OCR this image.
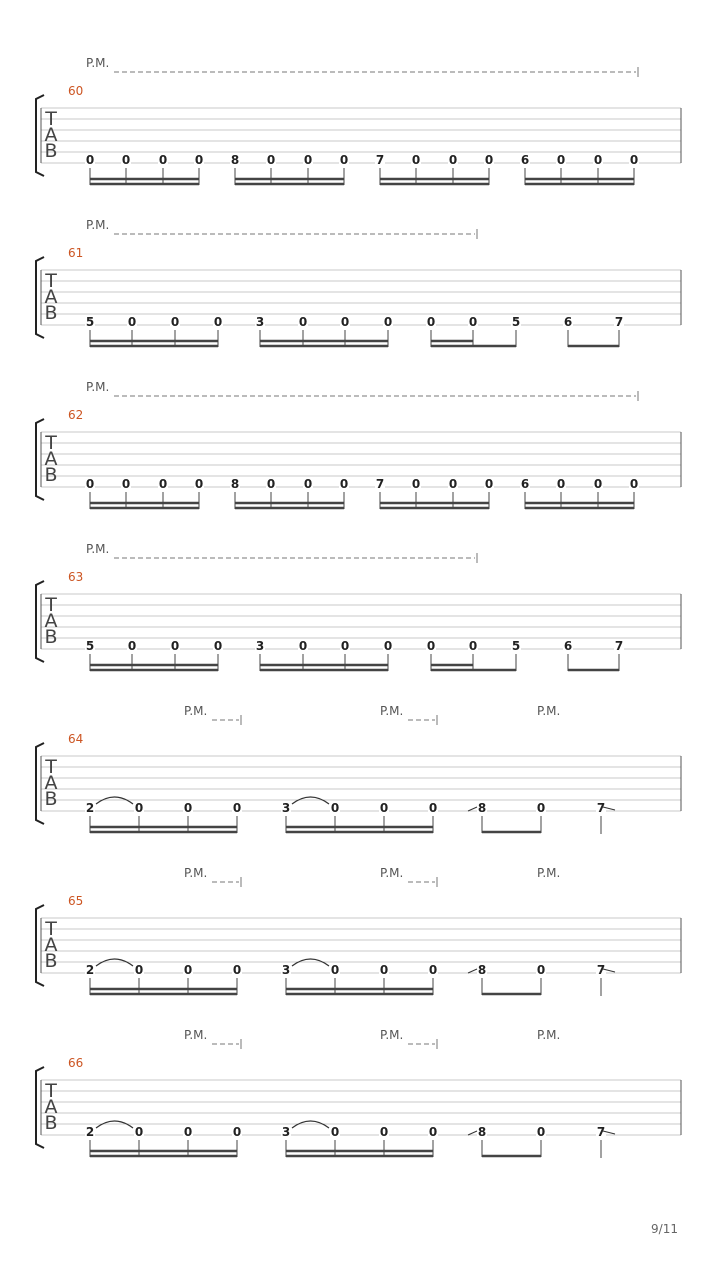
P.M.
60
T
A
B 0 0 0 0 8 0 0 0 7 0 0 0 6 0 0 0
P.M.
61
T
A
B 5	0	0	0	3	0	0	0	0	0	5	6	7
P.M.
62
T
A
B 0 0 0 0 8 0 0 0 7 0 0 0 6 0 0 0
P.M.
63
T
A
B 5	0	0	0	3	0	0	0	0	0	5	6	7
P.M.	P.M.	P.M.
64
T
A
B 2	0	0	0	3	0	0	0	8	0	7
P.M.	P.M.	P.M.
65
T
A
B 2	0	0	0	3	0	0	0	8	0	7
P.M.	P.M.	P.M.
66
T
A
B 2	0	0	0	3	0	0	0	8	0	7
9/11
